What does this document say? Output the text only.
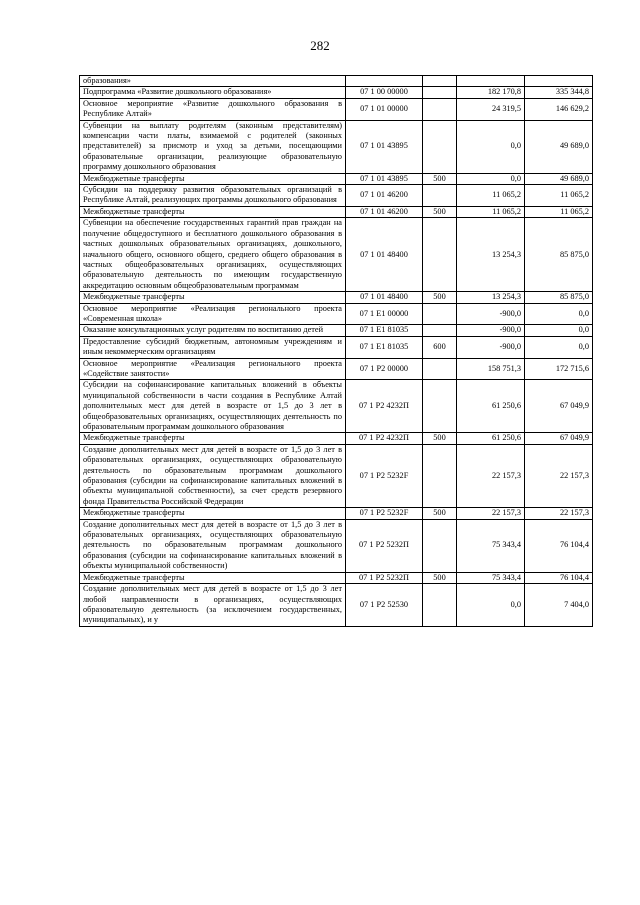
282
образования»				
Подпрограмма «Развитие дошкольного образования»	07 1 00 00000		182 170,8	335 344,8
Основное мероприятие «Развитие дошкольного образования в Республике Алтай»	07 1 01 00000		24 319,5	146 629,2
Субвенции на выплату родителям (законным представителям) компенсации части платы, взимаемой с родителей (законных представителей) за присмотр и уход за детьми, посещающими образовательные организации, реализующие образовательную программу дошкольного образования	07 1 01 43895		0,0	49 689,0
Межбюджетные трансферты	07 1 01 43895	500	0,0	49 689,0
Субсидии на поддержку развития образовательных организаций в Республике Алтай, реализующих программы дошкольного образования	07 1 01 46200		11 065,2	11 065,2
Межбюджетные трансферты	07 1 01 46200	500	11 065,2	11 065,2
Субвенции на обеспечение государственных гарантий прав граждан на получение общедоступного и бесплатного дошкольного образования в частных дошкольных образовательных организациях, дошкольного, начального общего, основного общего, среднего общего образования в частных общеобразовательных организациях, осуществляющих образовательную деятельность по имеющим государственную аккредитацию основным общеобразовательным программам	07 1 01 48400		13 254,3	85 875,0
Межбюджетные трансферты	07 1 01 48400	500	13 254,3	85 875,0
Основное мероприятие «Реализация регионального проекта «Современная школа»	07 1 E1 00000		-900,0	0,0
Оказание консультационных услуг родителям по воспитанию детей	07 1 E1 81035		-900,0	0,0
Предоставление субсидий бюджетным, автономным учреждениям и иным некоммерческим организациям	07 1 E1 81035	600	-900,0	0,0
Основное мероприятие «Реализация регионального проекта «Содействие занятости»	07 1 P2 00000		158 751,3	172 715,6
Субсидии на софинансирование капитальных вложений в объекты муниципальной собственности в части создания в Республике Алтай дополнительных мест для детей в возрасте от 1,5 до 3 лет в общеобразовательных организациях, осуществляющих деятельность по образовательным программам дошкольного образования	07 1 P2 4232П		61 250,6	67 049,9
Межбюджетные трансферты	07 1 P2 4232П	500	61 250,6	67 049,9
Создание дополнительных мест для детей в возрасте от 1,5 до 3 лет в образовательных организациях, осуществляющих образовательную деятельность по образовательным программам дошкольного образования (субсидии на софинансирование капитальных вложений в объекты муниципальной собственности), за счет средств резервного фонда Правительства Российской Федерации	07 1 P2 5232F		22 157,3	22 157,3
Межбюджетные трансферты	07 1 P2 5232F	500	22 157,3	22 157,3
Создание дополнительных мест для детей в возрасте от 1,5 до 3 лет в образовательных организациях, осуществляющих образовательную деятельность по образовательным программам дошкольного образования (субсидии на софинансирование капитальных вложений в объекты муниципальной собственности)	07 1 P2 5232П		75 343,4	76 104,4
Межбюджетные трансферты	07 1 P2 5232П	500	75 343,4	76 104,4
Создание дополнительных мест для детей в возрасте от 1,5 до 3 лет любой направленности в организациях, осуществляющих образовательную деятельность (за исключением государственных, муниципальных), и у	07 1 P2 52530		0,0	7 404,0
